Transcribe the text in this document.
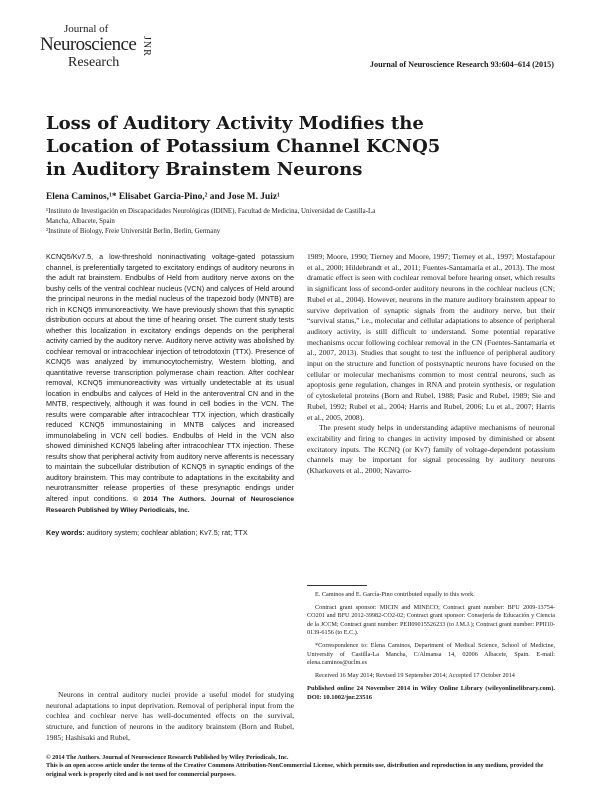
Journal of
Neuroscience
Research
JNR
Journal of Neuroscience Research 93:604–614 (2015)
Loss of Auditory Activity Modifies the Location of Potassium Channel KCNQ5 in Auditory Brainstem Neurons
Elena Caminos,¹* Elisabet Garcia-Pino,² and Jose M. Juiz¹
¹Instituto de Investigación en Discapacidades Neurológicas (IDINE), Facultad de Medicina, Universidad de Castilla-La Mancha, Albacete, Spain
²Institute of Biology, Freie Universität Berlin, Berlin, Germany
KCNQ5/Kv7.5, a low-threshold noninactivating voltage-gated potassium channel, is preferentially targeted to excitatory endings of auditory neurons in the adult rat brainstem. Endbulbs of Held from auditory nerve axons on the bushy cells of the ventral cochlear nucleus (VCN) and calyces of Held around the principal neurons in the medial nucleus of the trapezoid body (MNTB) are rich in KCNQ5 immunoreactivity. We have previously shown that this synaptic distribution occurs at about the time of hearing onset. The current study tests whether this localization in excitatory endings depends on the peripheral activity carried by the auditory nerve. Auditory nerve activity was abolished by cochlear removal or intracochlear injection of tetrodotoxin (TTX). Presence of KCNQ5 was analyzed by immunocytochemistry, Western blotting, and quantitative reverse transcription polymerase chain reaction. After cochlear removal, KCNQ5 immunoreactivity was virtually undetectable at its usual location in endbulbs and calyces of Held in the anteroventral CN and in the MNTB, respectively, although it was found in cell bodies in the VCN. The results were comparable after intracochlear TTX injection, which drastically reduced KCNQ5 immunostaining in MNTB calyces and increased immunolabeling in VCN cell bodies. Endbulbs of Held in the VCN also showed diminished KCNQ5 labeling after intracochlear TTX injection. These results show that peripheral activity from auditory nerve afferents is necessary to maintain the subcellular distribution of KCNQ5 in synaptic endings of the auditory brainstem. This may contribute to adaptations in the excitability and neurotransmitter release properties of these presynaptic endings under altered input conditions. © 2014 The Authors. Journal of Neuroscience Research Published by Wiley Periodicals, Inc.
Key words: auditory system; cochlear ablation; Kv7.5; rat; TTX

Neurons in central auditory nuclei provide a useful model for studying neuronal adaptations to input deprivation. Removal of peripheral input from the cochlea and cochlear nerve has well-documented effects on the survival, structure, and function of neurons in the auditory brainstem (Born and Rubel, 1985; Hashisaki and Rubel,

1989; Moore, 1990; Tierney and Moore, 1997; Tierney et al., 1997; Mostafapour et al., 2000; Hildebrandt et al., 2011; Fuentes-Santamaría et al., 2013). The most dramatic effect is seen with cochlear removal before hearing onset, which results in significant loss of second-order auditory neurons in the cochlear nucleus (CN; Rubel et al., 2004). However, neurons in the mature auditory brainstem appear to survive deprivation of synaptic signals from the auditory nerve, but their “survival status,” i.e., molecular and cellular adaptations to absence of peripheral auditory activity, is still difficult to understand. Some potential reparative mechanisms occur following cochlear removal in the CN (Fuentes-Santamaría et al., 2007, 2013). Studies that sought to test the influence of peripheral auditory input on the structure and function of postsynaptic neurons have focused on the cellular or molecular mechanisms common to most central neurons, such as apoptosis gene regulation, changes in RNA and protein synthesis, or regulation of cytoskeletal proteins (Born and Rubel, 1988; Pasic and Rubel, 1989; Sie and Rubel, 1992; Rubel et al., 2004; Harris and Rubel, 2006; Lu et al., 2007; Harris et al., 2005, 2008).

The present study helps in understanding adaptive mechanisms of neuronal excitability and firing to changes in activity imposed by diminished or absent excitatory inputs. The KCNQ (or Kv7) family of voltage-dependent potassium channels may be important for signal processing by auditory neurons (Kharkovets et al., 2000; Navarro-

E. Caminos and E. García-Pino contributed equally to this work.

Contract grant sponsor: MICIN and MINECO; Contract grant number: BFU 2009-13754-CO201 and BFU 2012-39982-CO2-02; Contract grant sponsor: Consejería de Educación y Ciencia de la JCCM; Contract grant number: PEII09015526233 (to J.M.J.); Contract grant number: PPII10-0139-6156 (to E.C.).

*Correspondence to: Elena Caminos, Department of Medical Science, School of Medicine, University of Castilla-La Mancha, C/Almansa 14, 02006 Albacete, Spain. E-mail: elena.caminos@uclm.es

Received 16 May 2014; Revised 19 September 2014; Accepted 17 October 2014

Published online 24 November 2014 in Wiley Online Library (wileyonlinelibrary.com). DOI: 10.1002/jnr.23516

© 2014 The Authors. Journal of Neuroscience Research Published by Wiley Periodicals, Inc.
This is an open access article under the terms of the Creative Commons Attribution-NonCommercial License, which permits use, distribution and reproduction in any medium, provided the original work is properly cited and is not used for commercial purposes.
